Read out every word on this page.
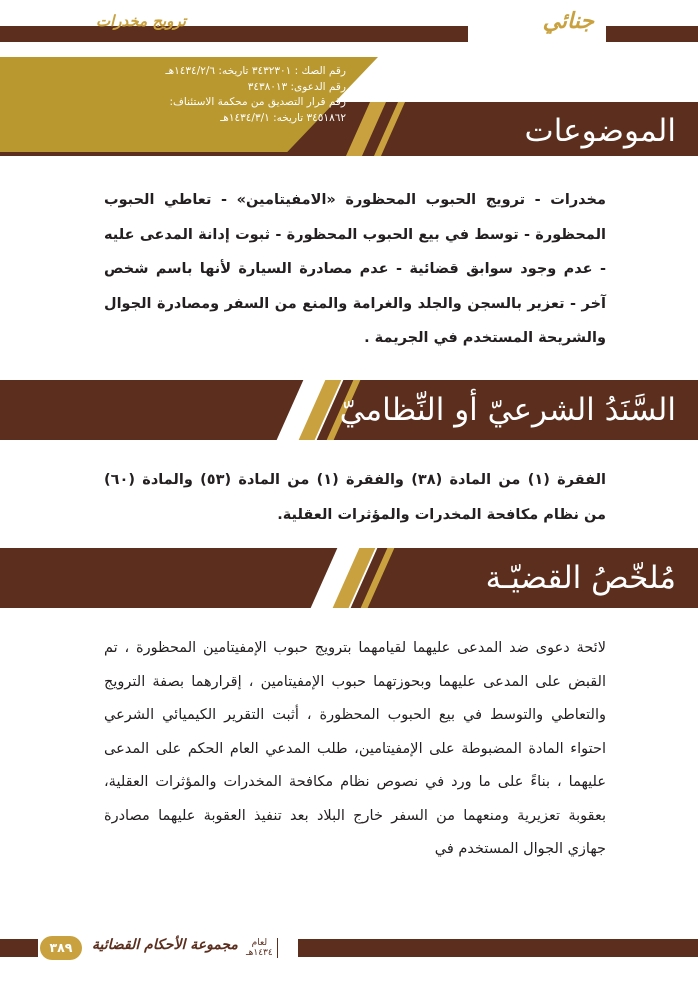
جنائي
ترويج مخدرات
رقم الصك : ٣٤٣٢٣٠١ تاريخه: ١٤٣٤/٢/٦هـ
رقم الدعوى: ٣٤٣٨٠١٣
رقم قرار التصديق من محكمة الاستئناف:
٣٤٥١٨٦٢ تاريخه: ١٤٣٤/٣/١هـ	الموضوعات
مخدرات - ترويج الحبوب المحظورة «الامفيتامين» - تعاطي الحبوب المحظورة - توسط في بيع الحبوب المحظورة - ثبوت إدانة المدعى عليه - عدم وجود سوابق قضائية - عدم مصادرة السيارة لأنها باسم شخص آخر - تعزير بالسجن والجلد والغرامة والمنع من السفر ومصادرة الجوال والشريحة المستخدم في الجريمة .
السَّنَدُ الشرعيّ أو النِّظاميّ
الفقرة (١) من المادة (٣٨) والفقرة (١) من المادة (٥٣) والمادة (٦٠) من نظام مكافحة المخدرات والمؤثرات العقلية.
مُلخّصُ القضيّـة
لائحة دعوى ضد المدعى عليهما لقيامهما بترويج حبوب الإمفيتامين المحظورة ، تم القبض على المدعى عليهما وبحوزتهما حبوب الإمفيتامين ، إقرارهما بصفة الترويج والتعاطي والتوسط في بيع الحبوب المحظورة ، أثبت التقرير الكيميائي الشرعي احتواء المادة المضبوطة على الإمفيتامين، طلب المدعي العام الحكم على المدعى عليهما ، بناءً على ما ورد في نصوص نظام مكافحة المخدرات والمؤثرات العقلية، بعقوبة تعزيرية ومنعهما من السفر خارج البلاد بعد تنفيذ العقوبة عليهما مصادرة جهازي الجوال المستخدم في
٣٨٩	مجموعة الأحكام القضائية	لعام
١٤٣٤هـ
